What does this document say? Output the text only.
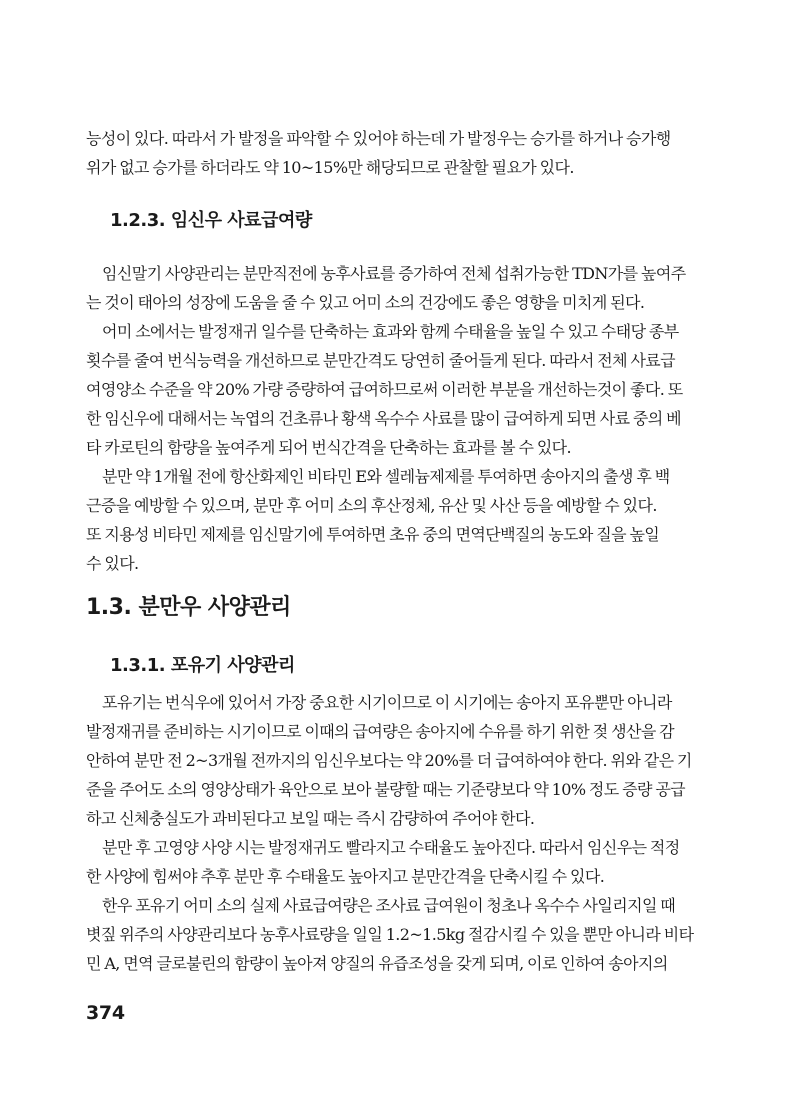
능성이 있다. 따라서 가 발정을 파악할 수 있어야 하는데 가 발정우는 승가를 하거나 승가행
위가 없고 승가를 하더라도 약 10~15%만 해당되므로 관찰할 필요가 있다.

1.2.3. 임신우 사료급여량

임신말기 사양관리는 분만직전에 농후사료를 증가하여 전체 섭취가능한 TDN가를 높여주
는 것이 태아의 성장에 도움을 줄 수 있고 어미 소의 건강에도 좋은 영향을 미치게 된다.

어미 소에서는 발정재귀 일수를 단축하는 효과와 함께 수태율을 높일 수 있고 수태당 종부
횟수를 줄여 번식능력을 개선하므로 분만간격도 당연히 줄어들게 된다. 따라서 전체 사료급
여영양소 수준을 약 20% 가량 증량하여 급여하므로써 이러한 부분을 개선하는것이 좋다. 또
한 임신우에 대해서는 녹엽의 건초류나 황색 옥수수 사료를 많이 급여하게 되면 사료 중의 베
타 카로틴의 함량을 높여주게 되어 번식간격을 단축하는 효과를 볼 수 있다.

분만 약 1개월 전에 항산화제인 비타민 E와 셀레늄제제를 투여하면 송아지의 출생 후 백
근증을 예방할 수 있으며, 분만 후 어미 소의 후산정체, 유산 및 사산 등을 예방할 수 있다.
또 지용성 비타민 제제를 임신말기에 투여하면 초유 중의 면역단백질의 농도와 질을 높일
수 있다.

1.3. 분만우 사양관리
1.3.1. 포유기 사양관리

포유기는 번식우에 있어서 가장 중요한 시기이므로 이 시기에는 송아지 포유뿐만 아니라
발정재귀를 준비하는 시기이므로 이때의 급여량은 송아지에 수유를 하기 위한 젖 생산을 감
안하여 분만 전 2~3개월 전까지의 임신우보다는 약 20%를 더 급여하여야 한다. 위와 같은 기
준을 주어도 소의 영양상태가 육안으로 보아 불량할 때는 기준량보다 약 10% 정도 증량 공급
하고 신체충실도가 과비된다고 보일 때는 즉시 감량하여 주어야 한다.

분만 후 고영양 사양 시는 발정재귀도 빨라지고 수태율도 높아진다. 따라서 임신우는 적정
한 사양에 힘써야 추후 분만 후 수태율도 높아지고 분만간격을 단축시킬 수 있다.

한우 포유기 어미 소의 실제 사료급여량은 조사료 급여원이 청초나 옥수수 사일리지일 때
볏짚 위주의 사양관리보다 농후사료량을 일일 1.2~1.5kg 절감시킬 수 있을 뿐만 아니라 비타
민 A, 면역 글로불린의 함량이 높아져 양질의 유즙조성을 갖게 되며, 이로 인하여 송아지의

374
